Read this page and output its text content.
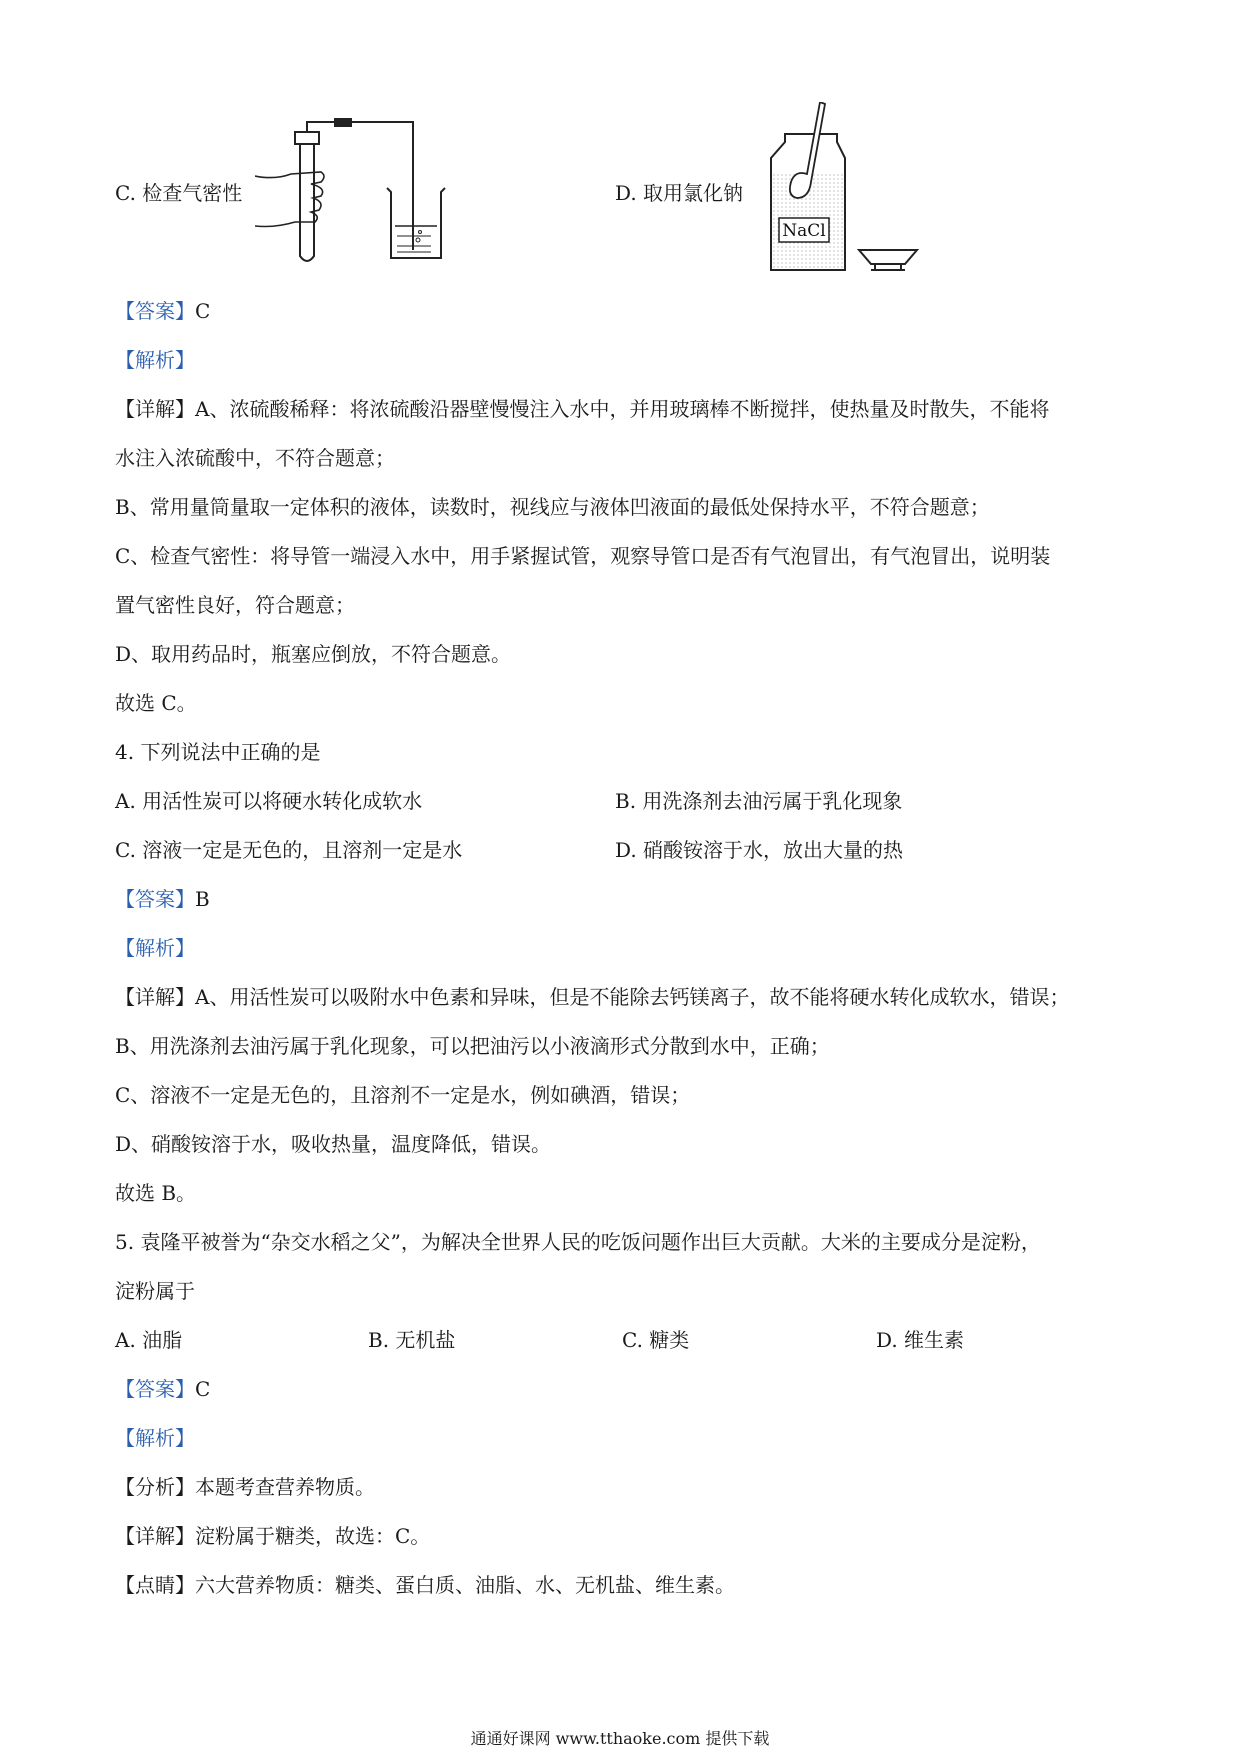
C. 检查气密性	D. 取用氯化钠
NaCl
【答案】C
【解析】
【详解】A、浓硫酸稀释：将浓硫酸沿器壁慢慢注入水中，并用玻璃棒不断搅拌，使热量及时散失，不能将
水注入浓硫酸中，不符合题意；
B、常用量筒量取一定体积的液体，读数时，视线应与液体凹液面的最低处保持水平，不符合题意；
C、检查气密性：将导管一端浸入水中，用手紧握试管，观察导管口是否有气泡冒出，有气泡冒出，说明装
置气密性良好，符合题意；
D、取用药品时，瓶塞应倒放，不符合题意。
故选 C。
4. 下列说法中正确的是
A. 用活性炭可以将硬水转化成软水	B. 用洗涤剂去油污属于乳化现象
C. 溶液一定是无色的，且溶剂一定是水	D. 硝酸铵溶于水，放出大量的热
【答案】B
【解析】
【详解】A、用活性炭可以吸附水中色素和异味，但是不能除去钙镁离子，故不能将硬水转化成软水，错误；
B、用洗涤剂去油污属于乳化现象，可以把油污以小液滴形式分散到水中，正确；
C、溶液不一定是无色的，且溶剂不一定是水，例如碘酒，错误；
D、硝酸铵溶于水，吸收热量，温度降低，错误。
故选 B。
5. 袁隆平被誉为“杂交水稻之父”，为解决全世界人民的吃饭问题作出巨大贡献。大米的主要成分是淀粉，
淀粉属于
A. 油脂	B. 无机盐	C. 糖类	D. 维生素
【答案】C
【解析】
【分析】本题考查营养物质。
【详解】淀粉属于糖类，故选：C。
【点睛】六大营养物质：糖类、蛋白质、油脂、水、无机盐、维生素。
通通好课网 www.tthaoke.com 提供下载
